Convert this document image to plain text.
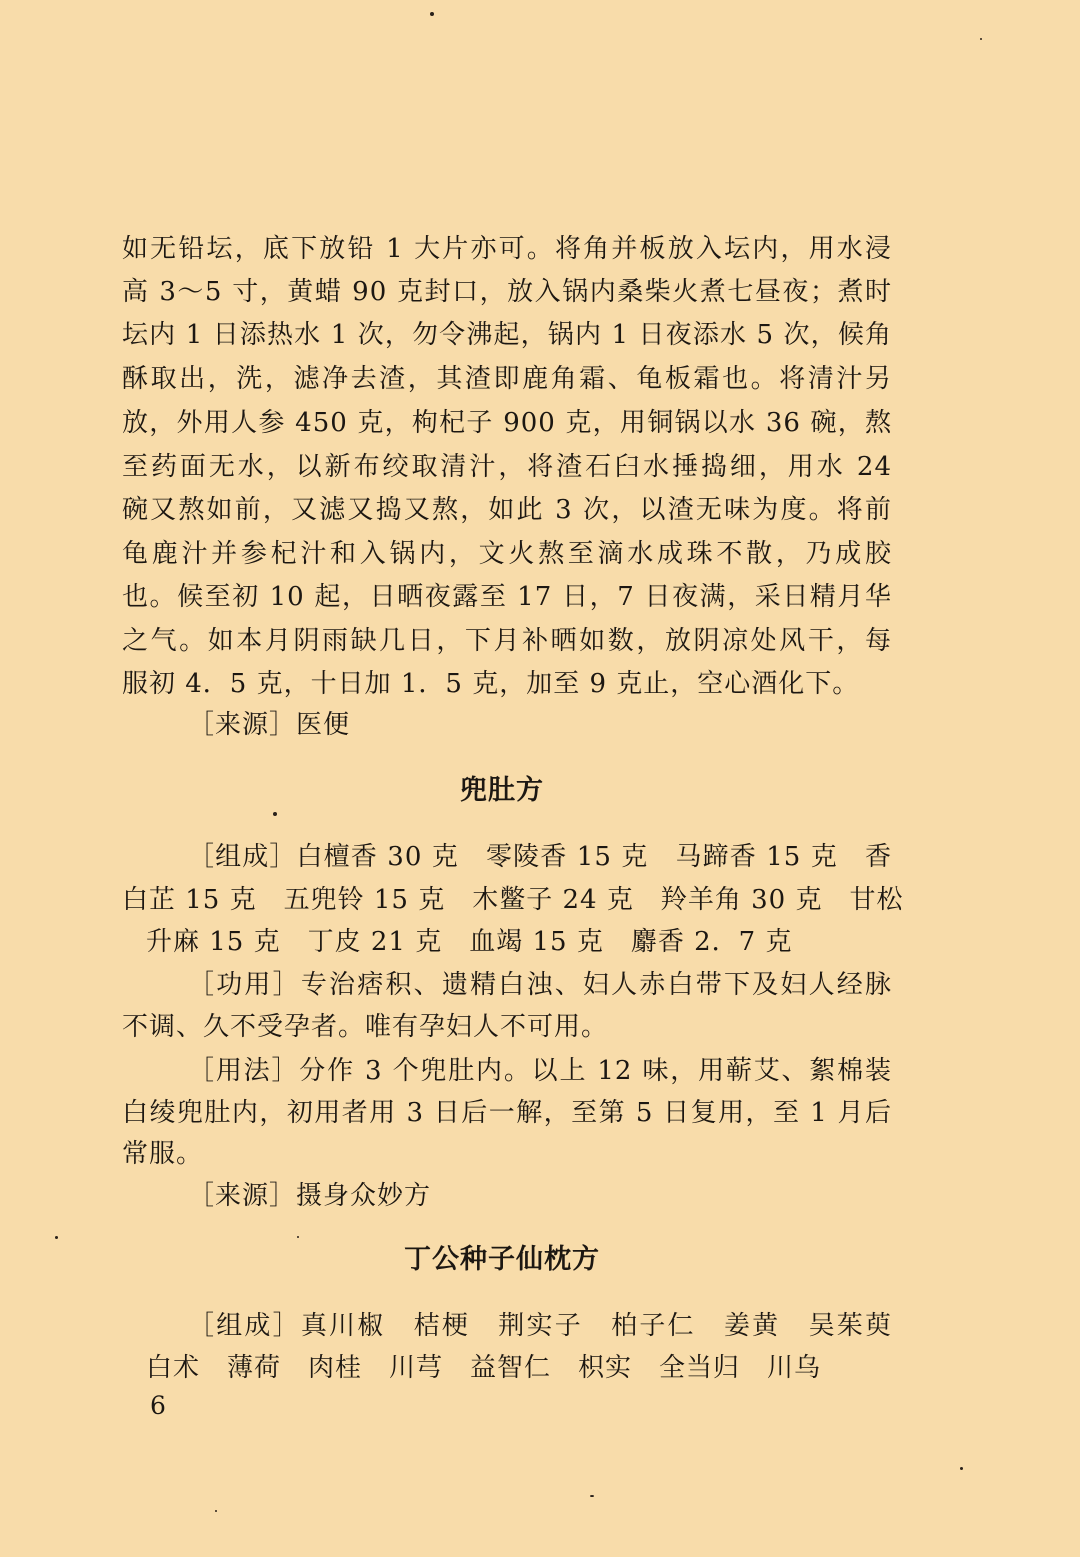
如无铅坛，底下放铅 1 大片亦可。将角并板放入坛内，用水浸
高 3～5 寸，黄蜡 90 克封口，放入锅内桑柴火煮七昼夜；煮时
坛内 1 日添热水 1 次，勿令沸起，锅内 1 日夜添水 5 次，候角
酥取出，洗，滤净去渣，其渣即鹿角霜、龟板霜也。将清汁另
放，外用人参 450 克，枸杞子 900 克，用铜锅以水 36 碗，熬
至药面无水，以新布绞取清汁，将渣石臼水捶捣细，用水 24
碗又熬如前，又滤又捣又熬，如此 3 次，以渣无味为度。将前
龟鹿汁并参杞汁和入锅内，文火熬至滴水成珠不散，乃成胶
也。候至初 10 起，日晒夜露至 17 日，7 日夜满，采日精月华
之气。如本月阴雨缺几日，下月补晒如数，放阴凉处风干，每
服初 4．5 克，十日加 1．5 克，加至 9 克止，空心酒化下。
［来源］医便
兜肚方
［组成］白檀香 30 克　零陵香 15 克　马蹄香 15 克　香
白芷 15 克　五兜铃 15 克　木鳖子 24 克　羚羊角 30 克　甘松
升麻 15 克　丁皮 21 克　血竭 15 克　麝香 2．7 克
［功用］专治痞积、遗精白浊、妇人赤白带下及妇人经脉
不调、久不受孕者。唯有孕妇人不可用。
［用法］分作 3 个兜肚内。以上 12 味，用蕲艾、絮棉装
白绫兜肚内，初用者用 3 日后一解，至第 5 日复用，至 1 月后
常服。
［来源］摄身众妙方
丁公种子仙枕方
［组成］真川椒　桔梗　荆实子　柏子仁　姜黄　吴茱萸
白术　薄荷　肉桂　川芎　益智仁　枳实　全当归　川乌
6
